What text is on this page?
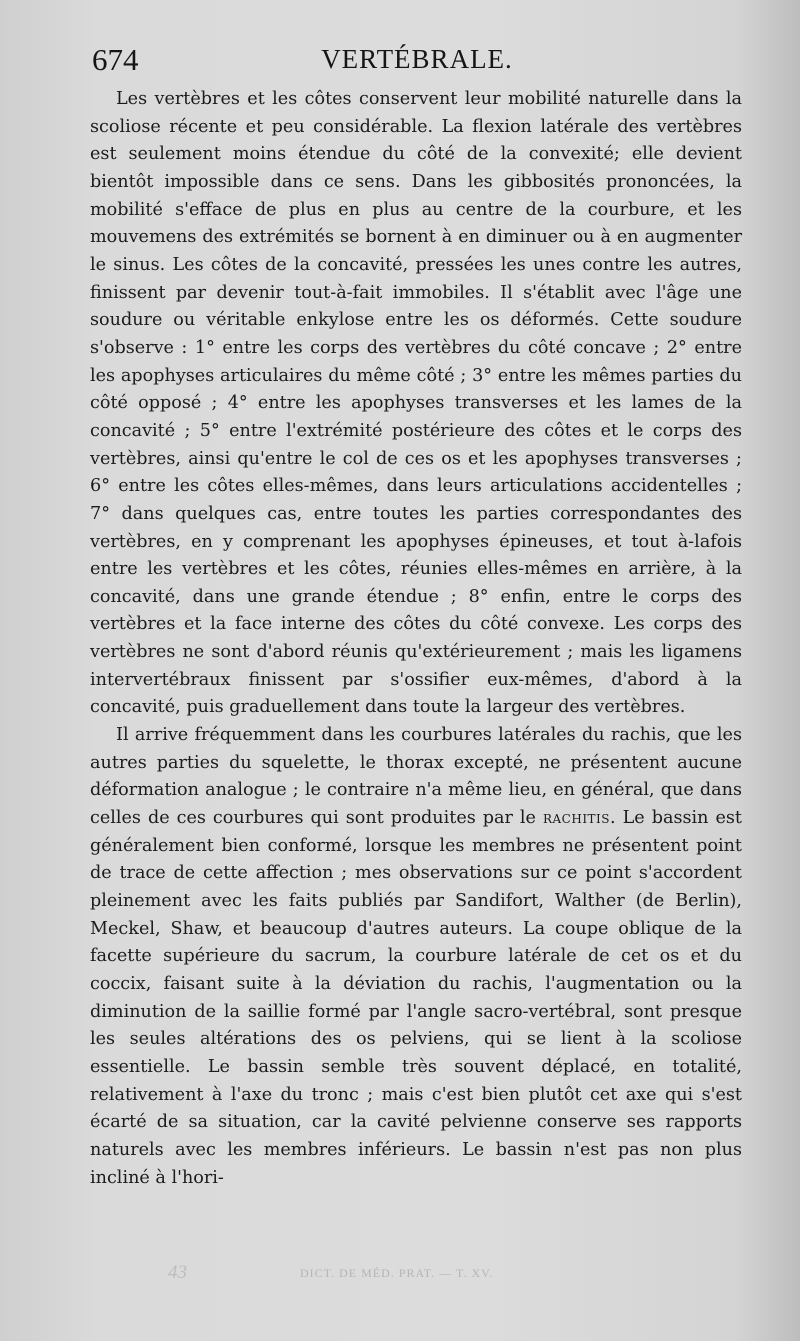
674	VERTÉBRALE.

Les vertèbres et les côtes conservent leur mobilité naturelle dans la scoliose récente et peu considérable. La flexion latérale des vertèbres est seulement moins étendue du côté de la convexité; elle devient bientôt impossible dans ce sens. Dans les gibbosités prononcées, la mobilité s'efface de plus en plus au centre de la courbure, et les mouvemens des extrémités se bornent à en diminuer ou à en augmenter le sinus. Les côtes de la concavité, pressées les unes contre les autres, finissent par devenir tout-à-fait immobiles. Il s'établit avec l'âge une soudure ou véritable enkylose entre les os déformés. Cette soudure s'observe : 1° entre les corps des vertèbres du côté concave ; 2° entre les apophyses articulaires du même côté ; 3° entre les mêmes parties du côté opposé ; 4° entre les apophyses transverses et les lames de la concavité ; 5° entre l'extrémité postérieure des côtes et le corps des vertèbres, ainsi qu'entre le col de ces os et les apophyses transverses ; 6° entre les côtes elles-mêmes, dans leurs articulations accidentelles ; 7° dans quelques cas, entre toutes les parties correspondantes des vertèbres, en y comprenant les apophyses épineuses, et tout à-lafois entre les vertèbres et les côtes, réunies elles-mêmes en arrière, à la concavité, dans une grande étendue ; 8° enfin, entre le corps des vertèbres et la face interne des côtes du côté convexe. Les corps des vertèbres ne sont d'abord réunis qu'extérieurement ; mais les ligamens intervertébraux finissent par s'ossifier eux-mêmes, d'abord à la concavité, puis graduellement dans toute la largeur des vertèbres.

Il arrive fréquemment dans les courbures latérales du rachis, que les autres parties du squelette, le thorax excepté, ne présentent aucune déformation analogue ; le contraire n'a même lieu, en général, que dans celles de ces courbures qui sont produites par le rachitis. Le bassin est généralement bien conformé, lorsque les membres ne présentent point de trace de cette affection ; mes observations sur ce point s'accordent pleinement avec les faits publiés par Sandifort, Walther (de Berlin), Meckel, Shaw, et beaucoup d'autres auteurs. La coupe oblique de la facette supérieure du sacrum, la courbure latérale de cet os et du coccix, faisant suite à la déviation du rachis, l'augmentation ou la diminution de la saillie formé par l'angle sacro-vertébral, sont presque les seules altérations des os pelviens, qui se lient à la scoliose essentielle. Le bassin semble très souvent déplacé, en totalité, relativement à l'axe du tronc ; mais c'est bien plutôt cet axe qui s'est écarté de sa situation, car la cavité pelvienne conserve ses rapports naturels avec les membres inférieurs. Le bassin n'est pas non plus incliné à l'hori-

43	DICT. DE MÉD. PRAT. — T. XV.
